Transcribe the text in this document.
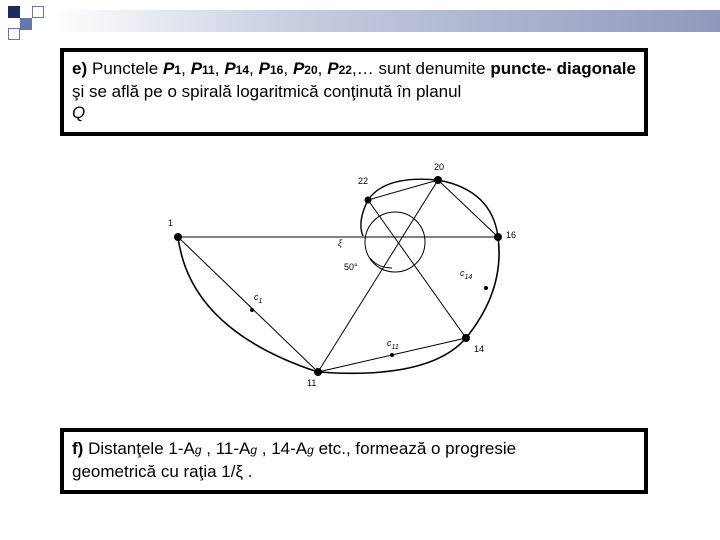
e) Punctele P1, P11, P14, P16, P20, P22,… sunt denumite puncte- diagonale şi se află pe o spirală logaritmică conţinută în planul
Q
1
11
14
16
20
22
50°
ξ
$c_1$
$c_{11}$
$c_{14}$
f) Distanţele 1-Ag , 11-Ag , 14-Ag etc., formează o progresie
geometrică cu raţia 1/ξ .
